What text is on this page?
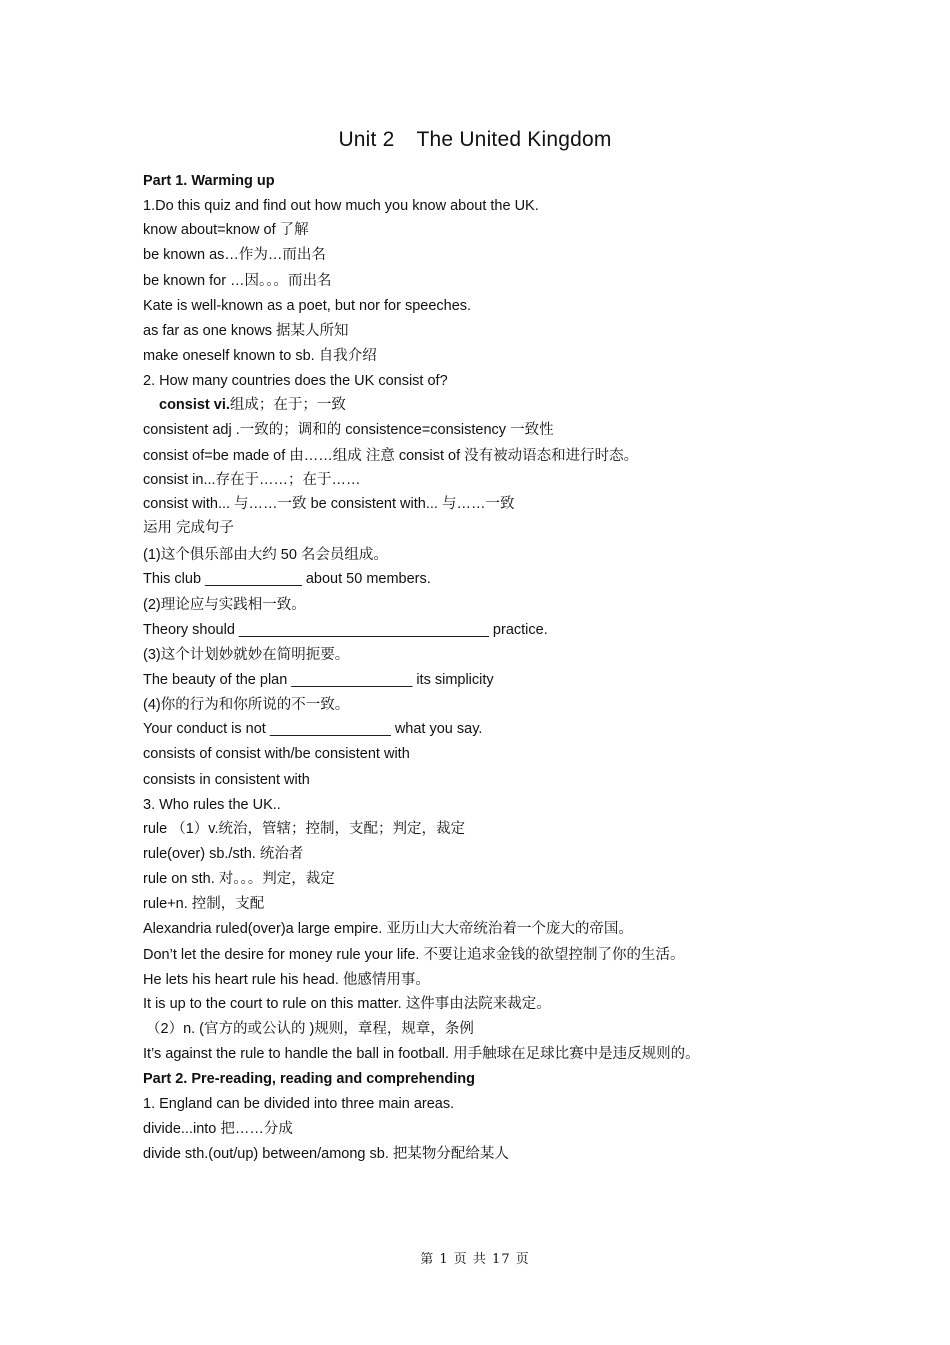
Unit 2 The United Kingdom
Part 1. Warming up
1.Do this quiz and find out how much you know about the UK.
know about=know of 了解
be known as…作为…而出名
be known for …因。。。而出名
Kate is well-known as a poet, but nor for speeches.
as far as one knows 据某人所知
make oneself known to sb. 自我介绍
2. How many countries does the UK consist of?
consist vi.组成；在于；一致
consistent adj .一致的；调和的 consistence=consistency 一致性
consist of=be made of 由……组成 注意 consist of 没有被动语态和进行时态。
consist in...存在于……；在于……
consist with... 与……一致 be consistent with... 与……一致
运用 完成句子
(1)这个俱乐部由大约 50 名会员组成。
This club ____________ about 50 members.
(2)理论应与实践相一致。
Theory should _______________________________ practice.
(3)这个计划妙就妙在简明扼要。
The beauty of the plan _______________ its simplicity
(4)你的行为和你所说的不一致。
Your conduct is not _______________ what you say.
consists of consist with/be consistent with
consists in consistent with
3. Who rules the UK..
rule （1）v.统治，管辖；控制，支配；判定，裁定
rule(over) sb./sth. 统治者
rule on sth. 对。。。判定，裁定
rule+n. 控制，支配
Alexandria ruled(over)a large empire. 亚历山大大帝统治着一个庞大的帝国。
Don’t let the desire for money rule your life. 不要让追求金钱的欲望控制了你的生活。
He lets his heart rule his head. 他感情用事。
It is up to the court to rule on this matter. 这件事由法院来裁定。
（2）n. (官方的或公认的 )规则，章程，规章，条例
It’s against the rule to handle the ball in football. 用手触球在足球比赛中是违反规则的。
Part 2. Pre-reading, reading and comprehending
1. England can be divided into three main areas.
divide...into 把……分成
divide sth.(out/up) between/among sb. 把某物分配给某人
第 1 页 共 17 页
